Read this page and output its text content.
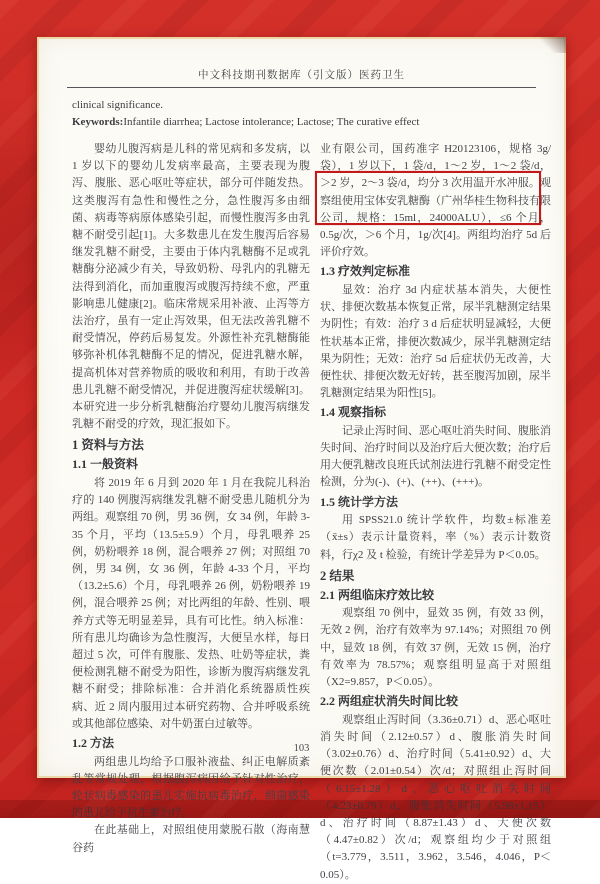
中文科技期刊数据库（引文版）医药卫生
clinical significance.
Keywords:Infantile diarrhea; Lactose intolerance; Lactose; The curative effect

婴幼儿腹泻病是儿科的常见病和多发病，以 1 岁以下的婴幼儿发病率最高，主要表现为腹泻、腹胀、恶心呕吐等症状，部分可伴随发热。这类腹泻有急性和慢性之分，急性腹泻多由细菌、病毒等病原体感染引起，而慢性腹泻多由乳糖不耐受引起[1]。大多数患儿在发生腹泻后容易继发乳糖不耐受，主要由于体内乳糖酶不足或乳糖酶分泌减少有关，导致奶粉、母乳内的乳糖无法得到消化，而加重腹泻或腹泻持续不愈，严重影响患儿健康[2]。临床常规采用补液、止泻等方法治疗，虽有一定止泻效果，但无法改善乳糖不耐受情况，停药后易复发。外源性补充乳糖酶能够弥补机体乳糖酶不足的情况，促进乳糖水解，提高机体对营养物质的吸收和利用，有助于改善患儿乳糖不耐受情况，并促进腹泻症状缓解[3]。本研究进一步分析乳糖酶治疗婴幼儿腹泻病继发乳糖不耐受的疗效，现汇报如下。

1 资料与方法
1.1 一般资料

将 2019 年 6 月到 2020 年 1 月在我院儿科治疗的 140 例腹泻病继发乳糖不耐受患儿随机分为两组。观察组 70 例，男 36 例，女 34 例，年龄 3-35 个月，平均（13.5±5.9）个月，母乳喂养 25 例，奶粉喂养 18 例，混合喂养 27 例；对照组 70 例，男 34 例，女 36 例，年龄 4-33 个月，平均（13.2±5.6）个月，母乳喂养 26 例，奶粉喂养 19 例，混合喂养 25 例；对比两组的年龄、性别、喂养方式等无明显差异，具有可比性。纳入标准：所有患儿均确诊为急性腹泻，大便呈水样，每日超过 5 次，可伴有腹胀、发热、吐奶等症状，粪便检测乳糖不耐受为阳性，诊断为腹泻病继发乳糖不耐受；排除标准：合并消化系统器质性疾病、近 2 周内服用过本研究药物、合并呼吸系统或其他部位感染、对牛奶蛋白过敏等。

1.2 方法

两组患儿均给予口服补液盐、纠正电解质紊乱等常规处理，根据腹泻病因给予针对性治疗，轮状病毒感染的患儿实施抗病毒治疗，细菌感染的患儿给予抗生素治疗。

在此基础上，对照组使用蒙脱石散（海南慧谷药

业有限公司，国药准字 H20123106，规格 3g/袋），1 岁以下，1 袋/d，1～2 岁，1～2 袋/d，＞2 岁，2～3 袋/d，均分 3 次用温开水冲服。观察组使用宝体安乳糖酶（广州华桂生物科技有限公司，规格：15ml，24000ALU），≤6 个月，0.5g/次，＞6 个月，1g/次[4]。两组均治疗 5d 后评价疗效。

1.3 疗效判定标准

显效：治疗 3d 内症状基本消失，大便性状、排便次数基本恢复正常，尿半乳糖测定结果为阴性；有效：治疗 3 d 后症状明显减轻，大便性状基本正常，排便次数减少，尿半乳糖测定结果为阴性；无效：治疗 5d 后症状仍无改善，大便性状、排便次数无好转，甚至腹泻加剧，尿半乳糖测定结果为阳性[5]。

1.4 观察指标

记录止泻时间、恶心呕吐消失时间、腹胀消失时间、治疗时间以及治疗后大便次数；治疗后用大便乳糖改良班氏试剂法进行乳糖不耐受定性检测，分为(-)、(+)、(++)、(+++)。

1.5 统计学方法

用 SPSS21.0 统计学软件，均数±标准差（x̄±s）表示计量资料，率（%）表示计数资料，行χ2 及 t 检验，有统计学差异为 P＜0.05。

2 结果
2.1 两组临床疗效比较

观察组 70 例中，显效 35 例，有效 33 例，无效 2 例，治疗有效率为 97.14%；对照组 70 例中，显效 18 例，有效 37 例，无效 15 例，治疗有效率为 78.57%；观察组明显高于对照组（X2=9.857，P＜0.05）。

2.2 两组症状消失时间比较

观察组止泻时间（3.36±0.71）d、恶心呕吐消失时间（2.12±0.57）d、腹胀消失时间（3.02±0.76）d、治疗时间（5.41±0.92）d、大便次数（2.01±0.54）次/d；对照组止泻时间（6.15±1.28）d、恶心呕吐消失时间（4.23±0.79）d、腹胀消失时间（5.98±1.15）d、治疗时间（8.87±1.43）d、大便次数（4.47±0.82）次/d；观察组均少于对照组（t=3.779，3.511，3.962，3.546，4.046，P＜0.05）。

103
